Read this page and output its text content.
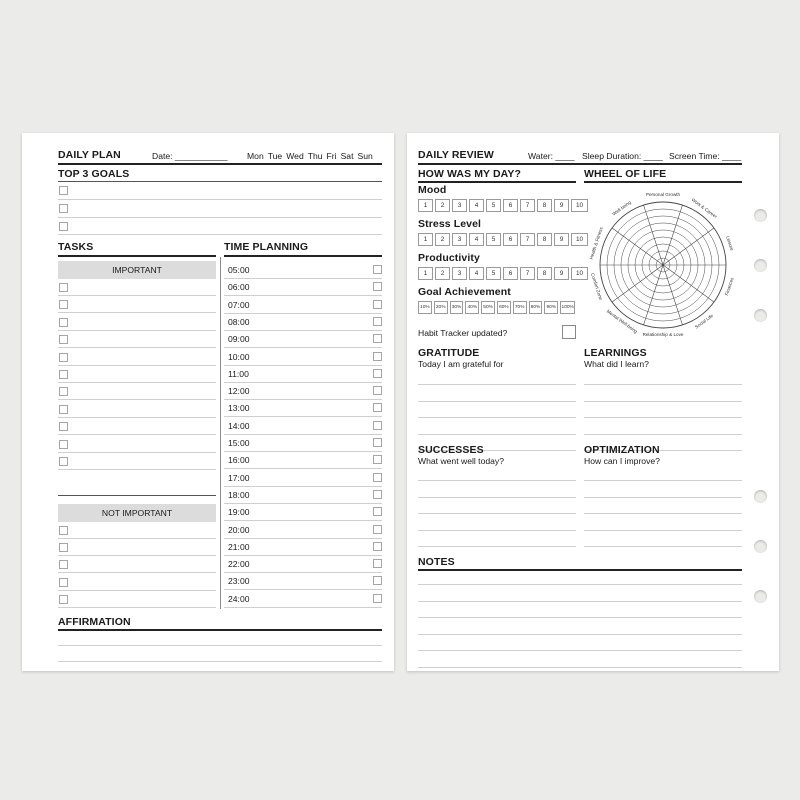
DAILY PLAN	Date: ___________ Mon Tue Wed Thu Fri Sat Sun
TOP 3 GOALS
TASKS	TIME PLANNING
IMPORTANT
NOT IMPORTANT
05:00
06:00
07:00
08:00
09:00
10:00
11:00
12:00
13:00
14:00
15:00
16:00
17:00
18:00
19:00
20:00
21:00
22:00
23:00
24:00
AFFIRMATION
DAILY REVIEW	Water: ____ Sleep Duration: ____ Screen Time: ____
HOW WAS MY DAY?	WHEEL OF LIFE
Mood
1	2	3	4	5	6	7	8	9	10
Stress Level
1	2	3	4	5	6	7	8	9	10
Productivity
1	2	3	4	5	6	7	8	9	10
Goal Achievement
10%	20%	30%	40%	50%	60%	70%	80%	90%	100%
Habit Tracker updated?
Personal Growth
Work & Career
Leisure
Finances
Social Life
Relationship & Love
Mental Well-being
Comfort Zone
Health & Fitness
Well-being
GRATITUDE
Today I am grateful for
LEARNINGS
What did I learn?
SUCCESSES
What went well today?
OPTIMIZATION
How can I improve?
NOTES
